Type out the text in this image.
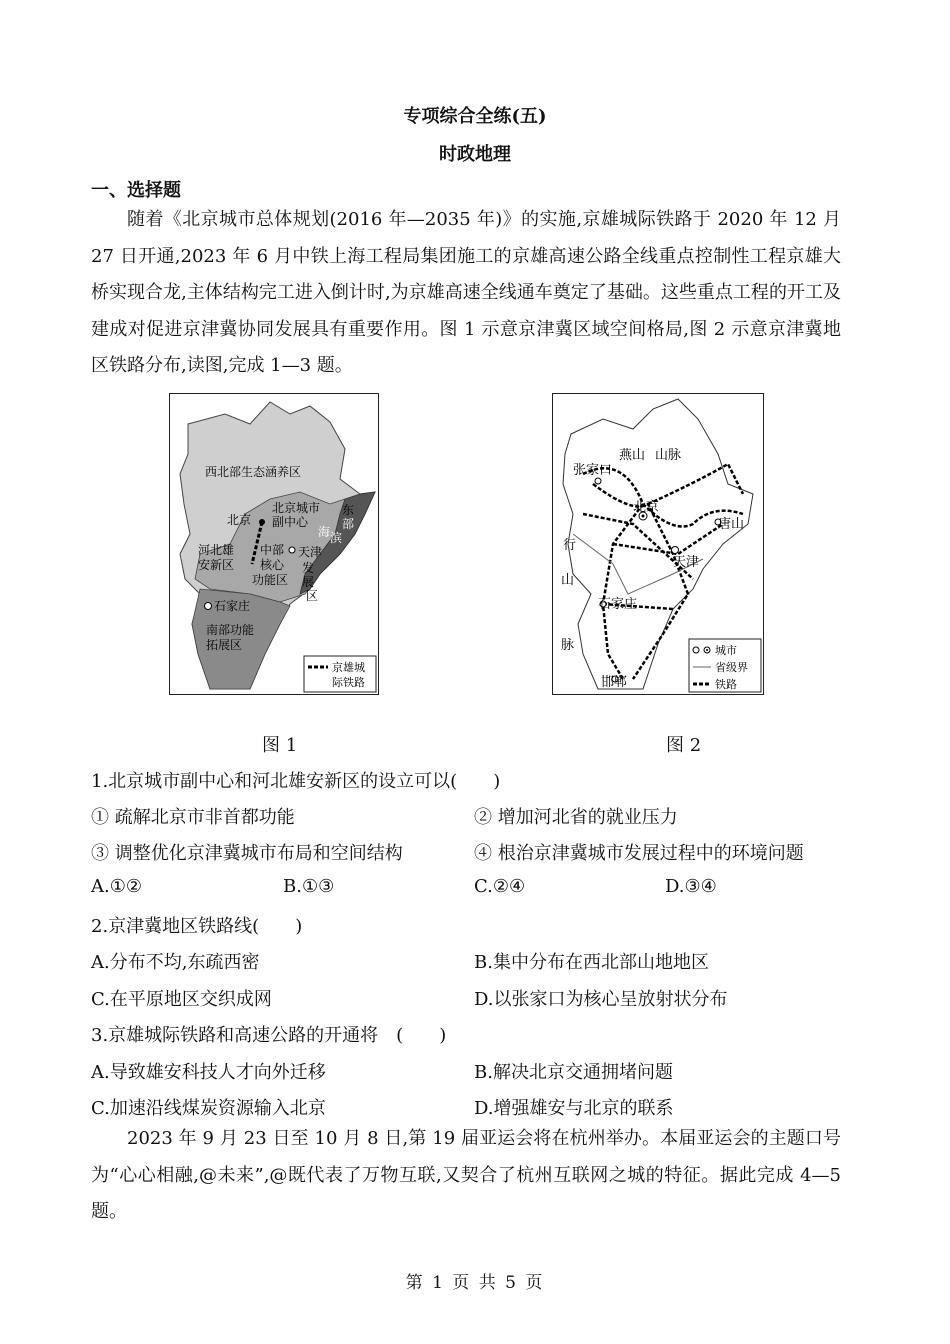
专项综合全练(五)
时政地理
一、选择题
随着《北京城市总体规划(2016 年—2035 年)》的实施,京雄城际铁路于 2020 年 12 月 27 日开通,2023 年 6 月中铁上海工程局集团施工的京雄高速公路全线重点控制性工程京雄大桥实现合龙,主体结构完工进入倒计时,为京雄高速全线通车奠定了基础。这些重点工程的开工及建成对促进京津冀协同发展具有重要作用。图 1 示意京津冀区域空间格局,图 2 示意京津冀地区铁路分布,读图,完成 1—3 题。
西北部生态涵养区
北京
北京城市
副中心
东
部
滨
海
天津
发
展
区
河北雄
安新区
中部
核心
功能区
石家庄
南部功能
拓展区
京雄城
际铁路
燕山 山脉
张家口
北京
唐山
天津
行
山
脉
石家庄
邯郸
城市
省级界
铁路
图 1	图 2
1.北京城市副中心和河北雄安新区的设立可以(　　)
① 疏解北京市非首都功能	② 增加河北省的就业压力
③ 调整优化京津冀城市布局和空间结构	④ 根治京津冀城市发展过程中的环境问题
A.①②	B.①③	C.②④	D.③④
2.京津冀地区铁路线(　　)
A.分布不均,东疏西密	B.集中分布在西北部山地地区
C.在平原地区交织成网	D.以张家口为核心呈放射状分布
3.京雄城际铁路和高速公路的开通将　(　　)
A.导致雄安科技人才向外迁移	B.解决北京交通拥堵问题
C.加速沿线煤炭资源输入北京	D.增强雄安与北京的联系
2023 年 9 月 23 日至 10 月 8 日,第 19 届亚运会将在杭州举办。本届亚运会的主题口号为“心心相融,@未来”,@既代表了万物互联,又契合了杭州互联网之城的特征。据此完成 4—5 题。
第 1 页 共 5 页
